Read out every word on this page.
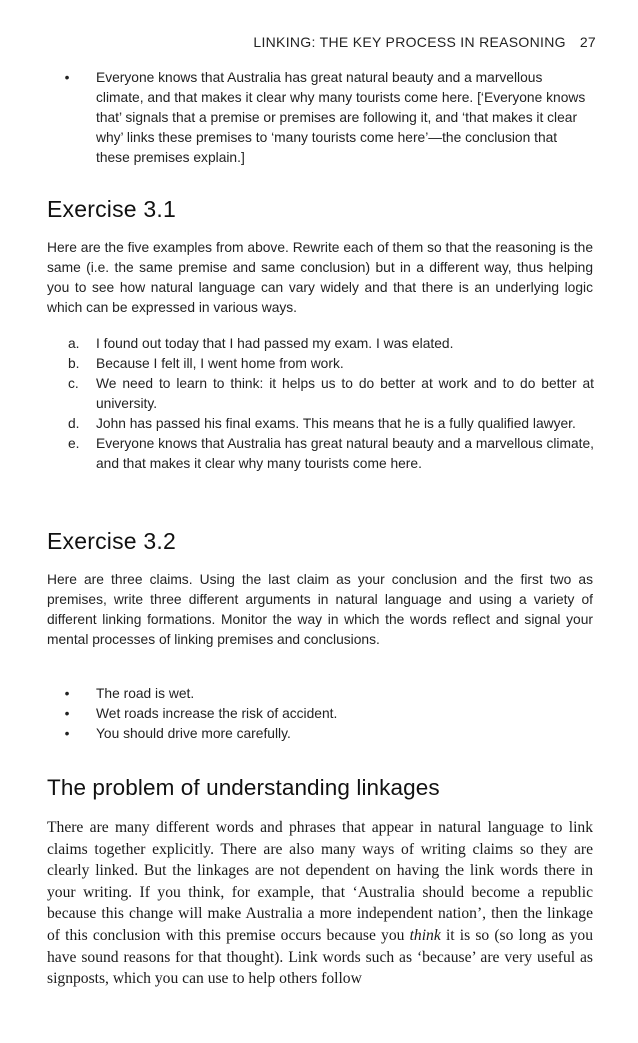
LINKING: THE KEY PROCESS IN REASONING 27
•	Everyone knows that Australia has great natural beauty and a marvellous climate, and that makes it clear why many tourists come here. [‘Everyone knows that’ signals that a premise or premises are following it, and ‘that makes it clear why’ links these premises to ‘many tourists come here’—the conclusion that these premises explain.]
Exercise 3.1

Here are the five examples from above. Rewrite each of them so that the reasoning is the same (i.e. the same premise and same conclusion) but in a different way, thus helping you to see how natural language can vary widely and that there is an underlying logic which can be expressed in various ways.

a. I found out today that I had passed my exam. I was elated.
b. Because I felt ill, I went home from work.
c. We need to learn to think: it helps us to do better at work and to do better at university.
d. John has passed his final exams. This means that he is a fully qualified lawyer.
e. Everyone knows that Australia has great natural beauty and a marvellous climate, and that makes it clear why many tourists come here.
Exercise 3.2

Here are three claims. Using the last claim as your conclusion and the first two as premises, write three different arguments in natural language and using a variety of different linking formations. Monitor the way in which the words reflect and signal your mental processes of linking premises and conclusions.

•	The road is wet.
•	Wet roads increase the risk of accident.
•	You should drive more carefully.
The problem of understanding linkages

There are many different words and phrases that appear in natural language to link claims together explicitly. There are also many ways of writing claims so they are clearly linked. But the linkages are not dependent on having the link words there in your writing. If you think, for example, that ‘Australia should become a republic because this change will make Australia a more independent nation’, then the linkage of this conclusion with this premise occurs because you think it is so (so long as you have sound reasons for that thought). Link words such as ‘because’ are very useful as signposts, which you can use to help others follow
